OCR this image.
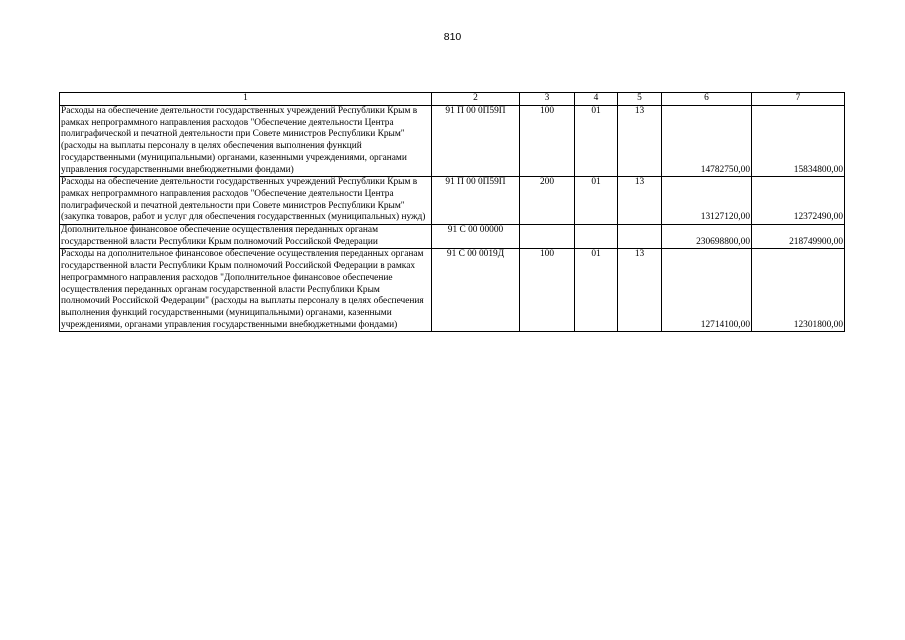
810
1	2	3	4	5	6	7
Расходы на обеспечение деятельности государственных учреждений Республики Крым в рамках непрограммного направления расходов "Обеспечение деятельности Центра полиграфической и печатной деятельности при Совете министров Республики Крым" (расходы на выплаты персоналу в целях обеспечения выполнения функций государственными (муниципальными) органами, казенными учреждениями, органами управления государственными внебюджетными фондами)	91 П 00 0П59П	100	01	13	14782750,00	15834800,00
Расходы на обеспечение деятельности государственных учреждений Республики Крым в рамках непрограммного направления расходов "Обеспечение деятельности Центра полиграфической и печатной деятельности при Совете министров Республики Крым" (закупка товаров, работ и услуг для обеспечения государственных (муниципальных) нужд)	91 П 00 0П59П	200	01	13	13127120,00	12372490,00
Дополнительное финансовое обеспечение осуществления переданных органам государственной власти Республики Крым полномочий Российской Федерации	91 С 00 00000				230698800,00	218749900,00
Расходы на дополнительное финансовое обеспечение осуществления переданных органам государственной власти Республики Крым полномочий Российской Федерации в рамках непрограммного направления расходов "Дополнительное финансовое обеспечение осуществления переданных органам государственной власти Республики Крым полномочий Российской Федерации" (расходы на выплаты персоналу в целях обеспечения выполнения функций государственными (муниципальными) органами, казенными учреждениями, органами управления государственными внебюджетными фондами)	91 С 00 0019Д	100	01	13	12714100,00	12301800,00
